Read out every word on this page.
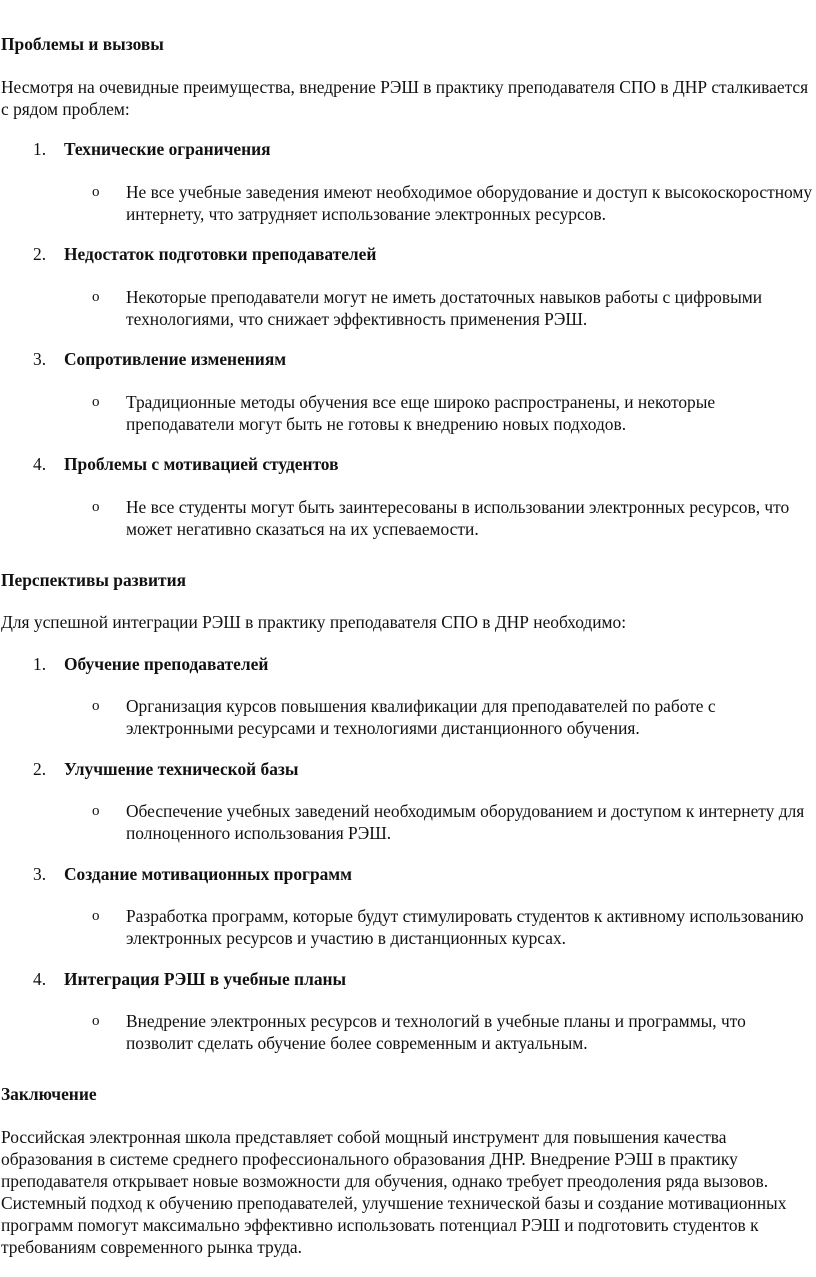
Проблемы и вызовы
Несмотря на очевидные преимущества, внедрение РЭШ в практику преподавателя СПО в ДНР сталкивается с рядом проблем:
1. Технические ограничения
o Не все учебные заведения имеют необходимое оборудование и доступ к высокоскоростному интернету, что затрудняет использование электронных ресурсов.
2. Недостаток подготовки преподавателей
o Некоторые преподаватели могут не иметь достаточных навыков работы с цифровыми технологиями, что снижает эффективность применения РЭШ.
3. Сопротивление изменениям
o Традиционные методы обучения все еще широко распространены, и некоторые преподаватели могут быть не готовы к внедрению новых подходов.
4. Проблемы с мотивацией студентов
o Не все студенты могут быть заинтересованы в использовании электронных ресурсов, что может негативно сказаться на их успеваемости.
Перспективы развития
Для успешной интеграции РЭШ в практику преподавателя СПО в ДНР необходимо:
1. Обучение преподавателей
o Организация курсов повышения квалификации для преподавателей по работе с электронными ресурсами и технологиями дистанционного обучения.
2. Улучшение технической базы
o Обеспечение учебных заведений необходимым оборудованием и доступом к интернету для полноценного использования РЭШ.
3. Создание мотивационных программ
o Разработка программ, которые будут стимулировать студентов к активному использованию электронных ресурсов и участию в дистанционных курсах.
4. Интеграция РЭШ в учебные планы
o Внедрение электронных ресурсов и технологий в учебные планы и программы, что позволит сделать обучение более современным и актуальным.
Заключение
Российская электронная школа представляет собой мощный инструмент для повышения качества образования в системе среднего профессионального образования ДНР. Внедрение РЭШ в практику преподавателя открывает новые возможности для обучения, однако требует преодоления ряда вызовов. Системный подход к обучению преподавателей, улучшение технической базы и создание мотивационных программ помогут максимально эффективно использовать потенциал РЭШ и подготовить студентов к требованиям современного рынка труда.
